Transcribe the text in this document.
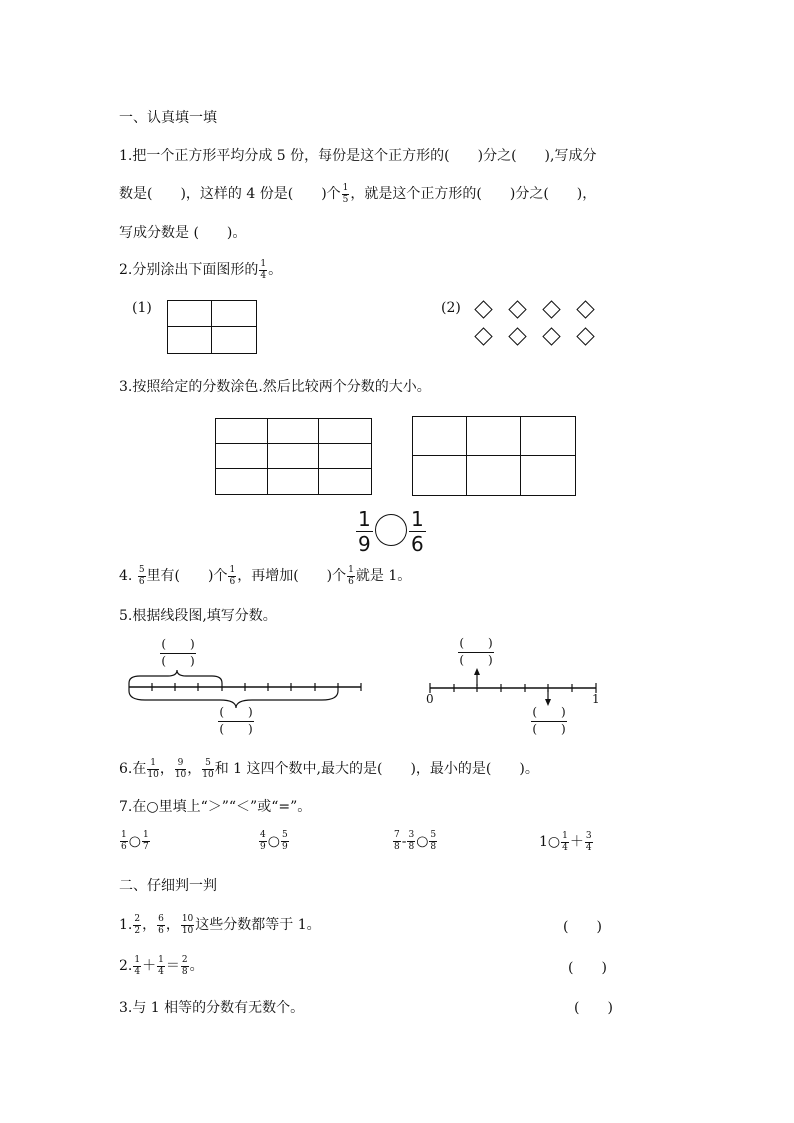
一、认真填一填
1.把一个正方形平均分成 5 份，每份是这个正方形的(　　)分之(　　),写成分
数是(　　)，这样的 4 份是(　　)个 $\frac{1}{5}$ ，就是这个正方形的(　　)分之(　　)，
写成分数是 (　　)。
2.分别涂出下面图形的 $\frac{1}{4}$ 。
(1)	(2)
3.按照给定的分数涂色.然后比较两个分数的大小。
$\frac{1}{9} \frac{1}{6}$
4. $\frac{5}{6}$ 里有(　　)个 $\frac{1}{6}$ ，再增加(　　)个 $\frac{1}{6}$ 就是 1。
5.根据线段图,填写分数。
(　　)
(　　)
(　　)
(　　)
0	1
(　　)
(　　)
(　　)
(　　)
6.在 $\frac{1}{10}$ ， $\frac{9}{10}$ ， $\frac{5}{10}$ 和 1 这四个数中,最大的是(　　)，最小的是(　　)。
7.在○里填上“＞”“＜”或“=”。
$\frac{1}{6}$ ○ $\frac{1}{7}$	$\frac{4}{9}$ ○ $\frac{5}{9}$	$\frac{7}{8} - \frac{3}{8}$ ○ $\frac{5}{8}$	1○ $\frac{1}{4} + \frac{3}{4}$
二、仔细判一判
1. $\frac{2}{2}$ ， $\frac{6}{6}$ ， $\frac{10}{10}$ 这些分数都等于 1。	(　　)
2. $\frac{1}{4} + \frac{1}{4} = \frac{2}{8}$ 。	(　　)
3.与 1 相等的分数有无数个。	(　　)
